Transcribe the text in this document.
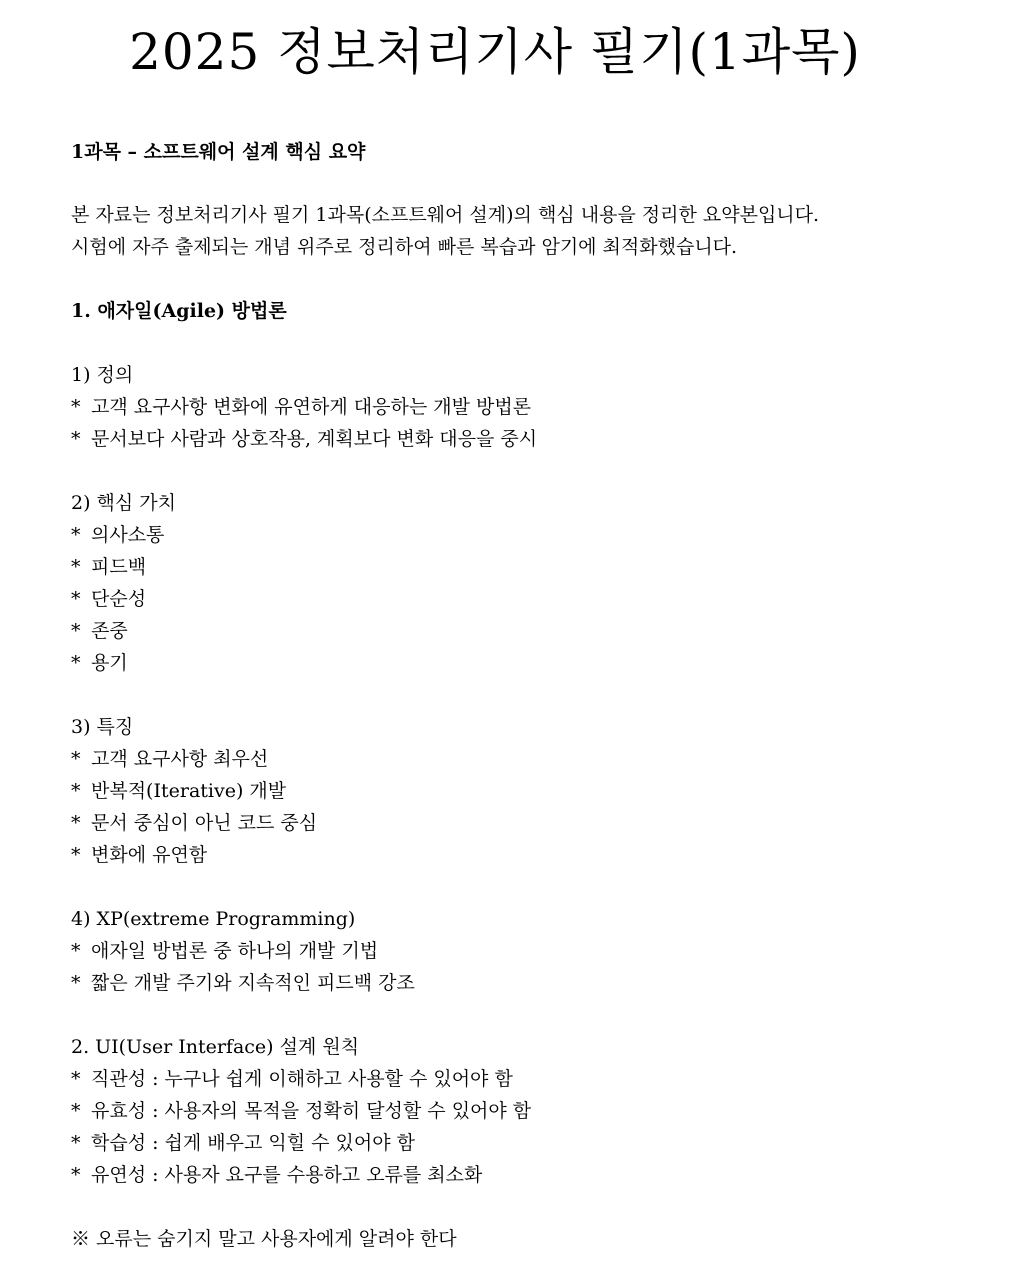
2025 정보처리기사 필기(1과목)

1과목 – 소프트웨어 설계 핵심 요약

본 자료는 정보처리기사 필기 1과목(소프트웨어 설계)의 핵심 내용을 정리한 요약본입니다.

시험에 자주 출제되는 개념 위주로 정리하여 빠른 복습과 암기에 최적화했습니다.

1. 애자일(Agile) 방법론

1) 정의

* 고객 요구사항 변화에 유연하게 대응하는 개발 방법론

* 문서보다 사람과 상호작용, 계획보다 변화 대응을 중시

2) 핵심 가치

* 의사소통

* 피드백

* 단순성

* 존중

* 용기

3) 특징

* 고객 요구사항 최우선

* 반복적(Iterative) 개발

* 문서 중심이 아닌 코드 중심

* 변화에 유연함

4) XP(extreme Programming)

* 애자일 방법론 중 하나의 개발 기법

* 짧은 개발 주기와 지속적인 피드백 강조

2. UI(User Interface) 설계 원칙

* 직관성 : 누구나 쉽게 이해하고 사용할 수 있어야 함

* 유효성 : 사용자의 목적을 정확히 달성할 수 있어야 함

* 학습성 : 쉽게 배우고 익힐 수 있어야 함

* 유연성 : 사용자 요구를 수용하고 오류를 최소화

※ 오류는 숨기지 말고 사용자에게 알려야 한다
